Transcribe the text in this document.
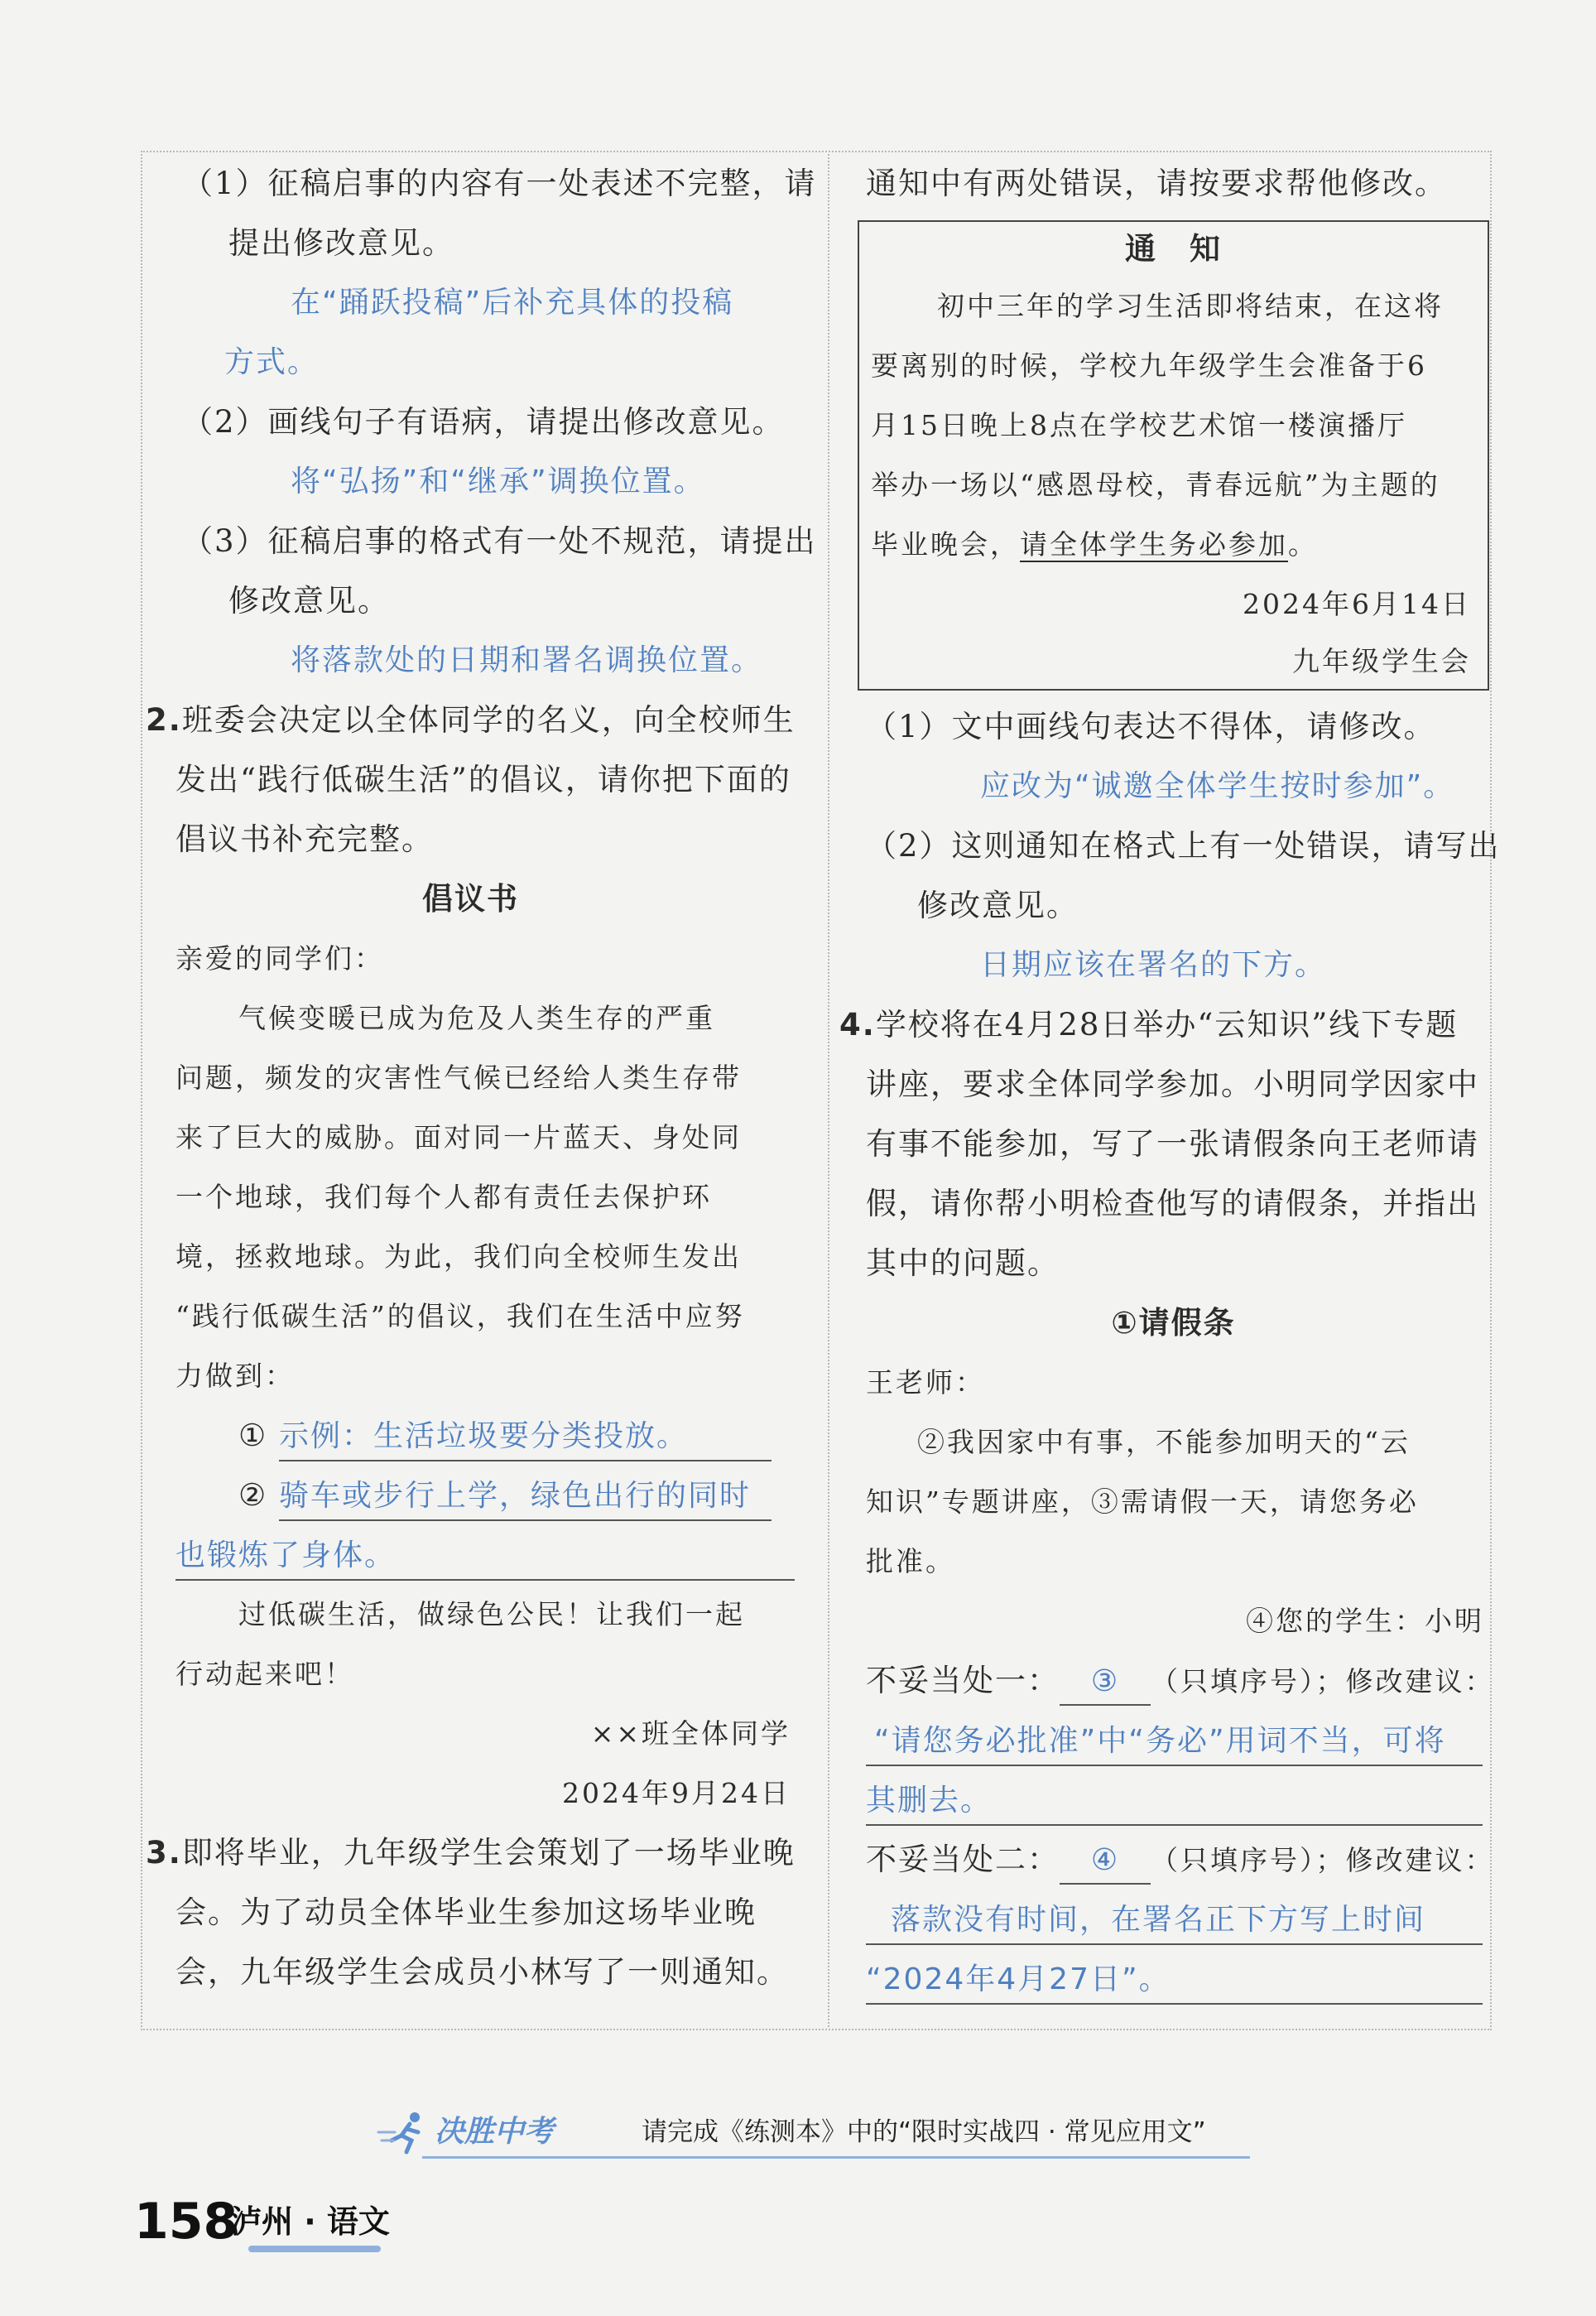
（1）征稿启事的内容有一处表述不完整，请
提出修改意见。
在“踊跃投稿”后补充具体的投稿
方式。
（2）画线句子有语病，请提出修改意见。
将“弘扬”和“继承”调换位置。
（3）征稿启事的格式有一处不规范，请提出
修改意见。
将落款处的日期和署名调换位置。
2.班委会决定以全体同学的名义，向全校师生
发出“践行低碳生活”的倡议，请你把下面的
倡议书补充完整。
倡议书
亲爱的同学们：
气候变暖已成为危及人类生存的严重
问题，频发的灾害性气候已经给人类生存带
来了巨大的威胁。面对同一片蓝天、身处同
一个地球，我们每个人都有责任去保护环
境，拯救地球。为此，我们向全校师生发出
“践行低碳生活”的倡议，我们在生活中应努
力做到：
① 示例：生活垃圾要分类投放。
② 骑车或步行上学，绿色出行的同时
也锻炼了身体。
过低碳生活，做绿色公民！让我们一起
行动起来吧！
××班全体同学
2024年9月24日
3.即将毕业，九年级学生会策划了一场毕业晚
会。为了动员全体毕业生参加这场毕业晚
会，九年级学生会成员小林写了一则通知。
通知中有两处错误，请按要求帮他修改。
通　知
初中三年的学习生活即将结束，在这将
要离别的时候，学校九年级学生会准备于6
月15日晚上8点在学校艺术馆一楼演播厅
举办一场以“感恩母校，青春远航”为主题的
毕业晚会，请全体学生务必参加。
2024年6月14日
九年级学生会
（1）文中画线句表达不得体，请修改。
应改为“诚邀全体学生按时参加”。
（2）这则通知在格式上有一处错误，请写出
修改意见。
日期应该在署名的下方。
4.学校将在4月28日举办“云知识”线下专题
讲座，要求全体同学参加。小明同学因家中
有事不能参加，写了一张请假条向王老师请
假，请你帮小明检查他写的请假条，并指出
其中的问题。
①请假条
王老师：
②我因家中有事，不能参加明天的“云
知识”专题讲座，③需请假一天，请您务必
批准。
④您的学生：小明
不妥当处一： ③ （只填序号）；修改建议：
“请您务必批准”中“务必”用词不当，可将
其删去。
不妥当处二： ④ （只填序号）；修改建议：
落款没有时间，在署名正下方写上时间
“2024年4月27日”。
决胜中考	请完成《练测本》中的“限时实战四 · 常见应用文”
158
泸州 · 语文
